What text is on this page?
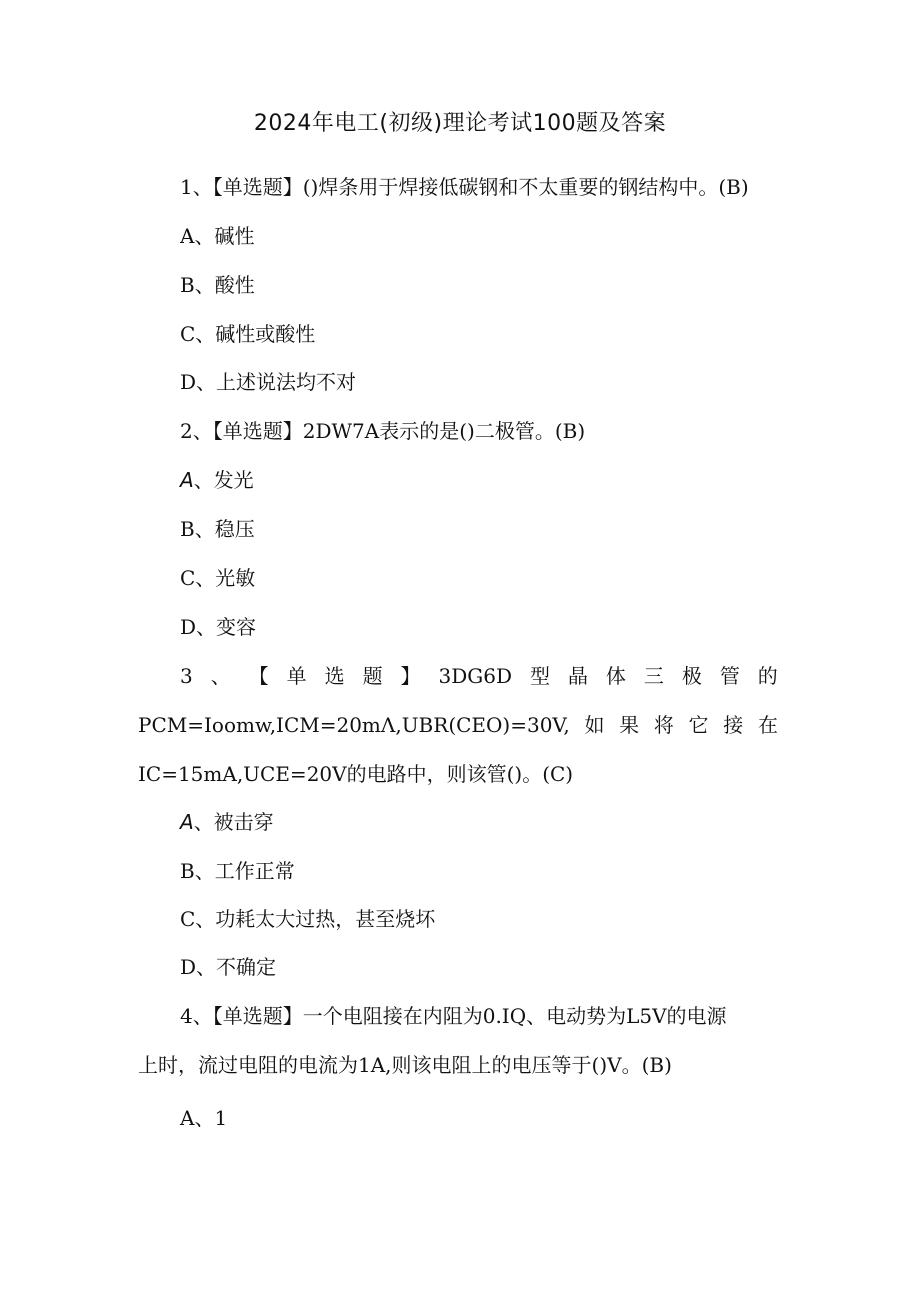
2024年电工(初级)理论考试100题及答案
1、【单选题】()焊条用于焊接低碳钢和不太重要的钢结构中。(B)
A、碱性
B、酸性
C、碱性或酸性
D、上述说法均不对
2、【单选题】2DW7A表示的是()二极管。(B)
A、发光
B、稳压
C、光敏
D、变容
3 、 【 单 选 题 】 3DG6D 型 晶 体 三 极 管 的
PCM=Ioomw,ICM=20mΛ,UBR(CEO)=30V, 如 果 将 它 接 在
IC=15mA,UCE=20V的电路中，则该管()。(C)
A、被击穿
B、工作正常
C、功耗太大过热，甚至烧坏
D、不确定
4、【单选题】一个电阻接在内阻为0.IQ、电动势为L5V的电源
上时，流过电阻的电流为1A,则该电阻上的电压等于()V。(B)
A、1
